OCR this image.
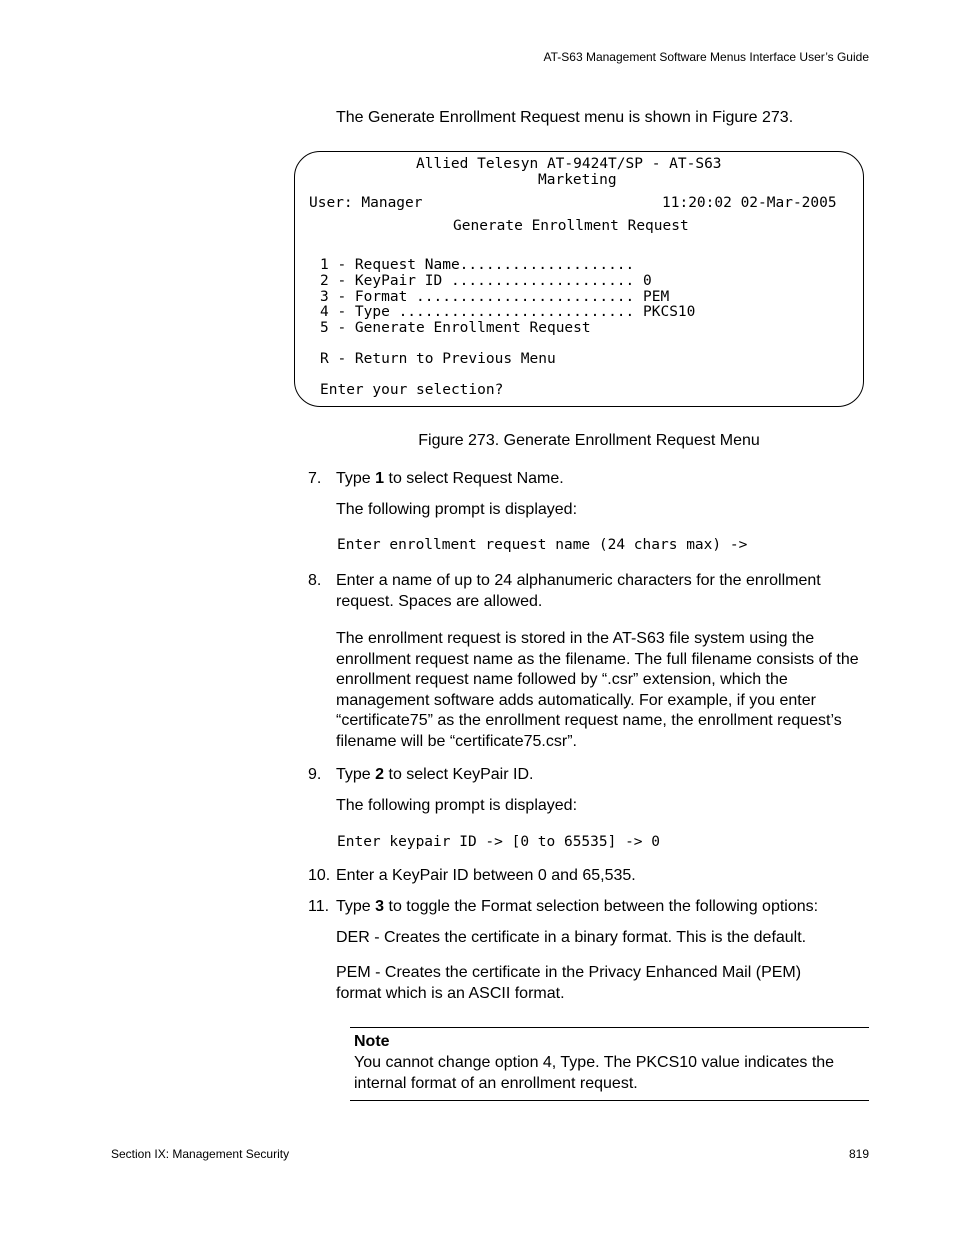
AT-S63 Management Software Menus Interface User’s Guide
The Generate Enrollment Request menu is shown in Figure 273.
Allied Telesyn AT-9424T/SP - AT-S63
Marketing
User: Manager	11:20:02 02-Mar-2005
Generate Enrollment Request
1 - Request Name....................
2 - KeyPair ID ..................... 0
3 - Format ......................... PEM
4 - Type ........................... PKCS10
5 - Generate Enrollment Request
R - Return to Previous Menu
Enter your selection?
Figure 273. Generate Enrollment Request Menu
7. Type 1 to select Request Name.
The following prompt is displayed:
Enter enrollment request name (24 chars max) ->
8. Enter a name of up to 24 alphanumeric characters for the enrollment request. Spaces are allowed.
The enrollment request is stored in the AT-S63 file system using the enrollment request name as the filename. The full filename consists of the enrollment request name followed by “.csr” extension, which the management software adds automatically. For example, if you enter “certificate75” as the enrollment request name, the enrollment request’s filename will be “certificate75.csr”.
9. Type 2 to select KeyPair ID.
The following prompt is displayed:
Enter keypair ID -> [0 to 65535] -> 0
10. Enter a KeyPair ID between 0 and 65,535.
11. Type 3 to toggle the Format selection between the following options:
DER - Creates the certificate in a binary format. This is the default.
PEM - Creates the certificate in the Privacy Enhanced Mail (PEM) format which is an ASCII format.
Note
You cannot change option 4, Type. The PKCS10 value indicates the internal format of an enrollment request.
Section IX: Management Security	819
